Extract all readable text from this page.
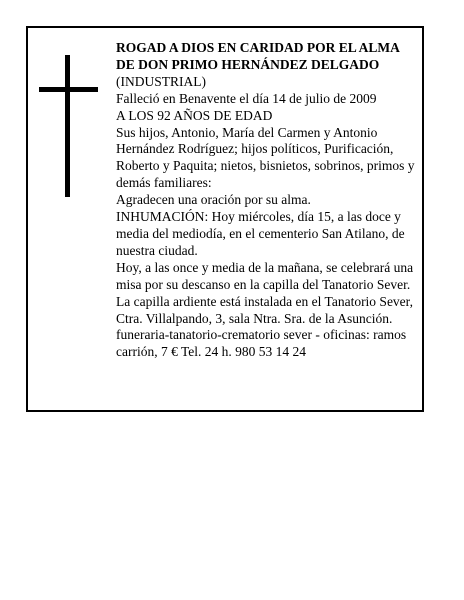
ROGAD A DIOS EN CARIDAD POR EL ALMA
DE DON PRIMO HERNÁNDEZ DELGADO
(INDUSTRIAL)
Falleció en Benavente el día 14 de julio de 2009
A LOS 92 AÑOS DE EDAD
Sus hijos, Antonio, María del Carmen y Antonio
Hernández Rodríguez; hijos políticos, Purificación,
Roberto y Paquita; nietos, bisnietos, sobrinos, primos y
demás familiares:
Agradecen una oración por su alma.
INHUMACIÓN: Hoy miércoles, día 15, a las doce y
media del mediodía, en el cementerio San Atilano, de
nuestra ciudad.
Hoy, a las once y media de la mañana, se celebrará una
misa por su descanso en la capilla del Tanatorio Sever.
La capilla ardiente está instalada en el Tanatorio Sever,
Ctra. Villalpando, 3, sala Ntra. Sra. de la Asunción.
funeraria-tanatorio-crematorio sever - oficinas: ramos
carrión, 7 € Tel. 24 h. 980 53 14 24
